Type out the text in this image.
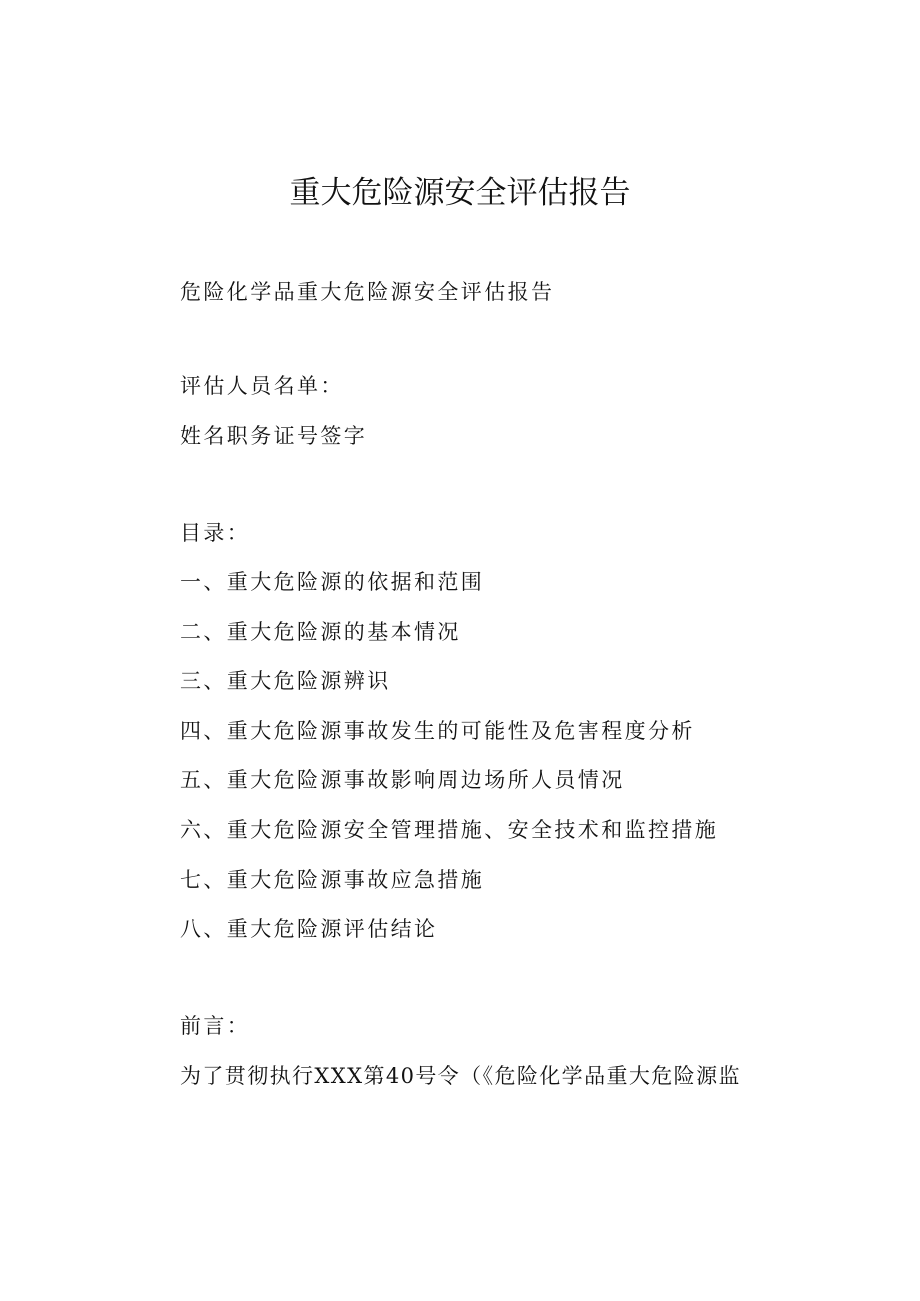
重大危险源安全评估报告
危险化学品重大危险源安全评估报告
评估人员名单：
姓名职务证号签字
目录：
一、重大危险源的依据和范围
二、重大危险源的基本情况
三、重大危险源辨识
四、重大危险源事故发生的可能性及危害程度分析
五、重大危险源事故影响周边场所人员情况
六、重大危险源安全管理措施、安全技术和监控措施
七、重大危险源事故应急措施
八、重大危险源评估结论
前言：
为了贯彻执行XXX第40号令（《危险化学品重大危险源监
